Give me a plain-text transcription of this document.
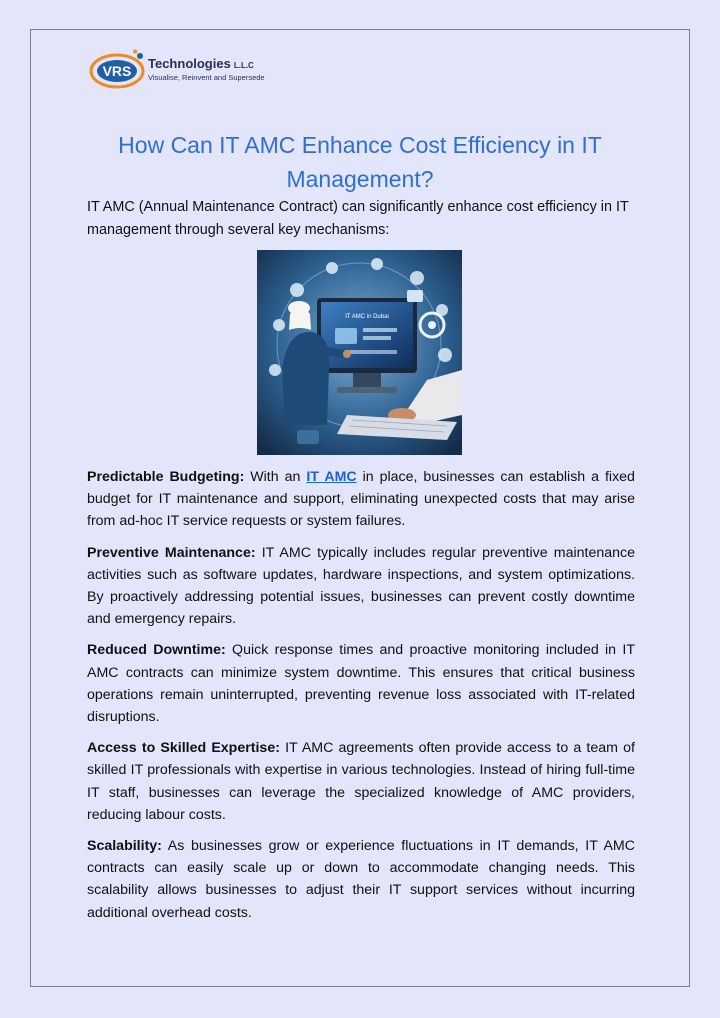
VRS Technologies L.L.C
Visualise, Reinvent and Supersede
How Can IT AMC Enhance Cost Efficiency in IT Management?

IT AMC (Annual Maintenance Contract) can significantly enhance cost efficiency in IT management through several key mechanisms:

IT AMC in Dubai

Predictable Budgeting: With an IT AMC in place, businesses can establish a fixed budget for IT maintenance and support, eliminating unexpected costs that may arise from ad-hoc IT service requests or system failures.

Preventive Maintenance: IT AMC typically includes regular preventive maintenance activities such as software updates, hardware inspections, and system optimizations. By proactively addressing potential issues, businesses can prevent costly downtime and emergency repairs.

Reduced Downtime: Quick response times and proactive monitoring included in IT AMC contracts can minimize system downtime. This ensures that critical business operations remain uninterrupted, preventing revenue loss associated with IT-related disruptions.

Access to Skilled Expertise: IT AMC agreements often provide access to a team of skilled IT professionals with expertise in various technologies. Instead of hiring full-time IT staff, businesses can leverage the specialized knowledge of AMC providers, reducing labour costs.

Scalability: As businesses grow or experience fluctuations in IT demands, IT AMC contracts can easily scale up or down to accommodate changing needs. This scalability allows businesses to adjust their IT support services without incurring additional overhead costs.
